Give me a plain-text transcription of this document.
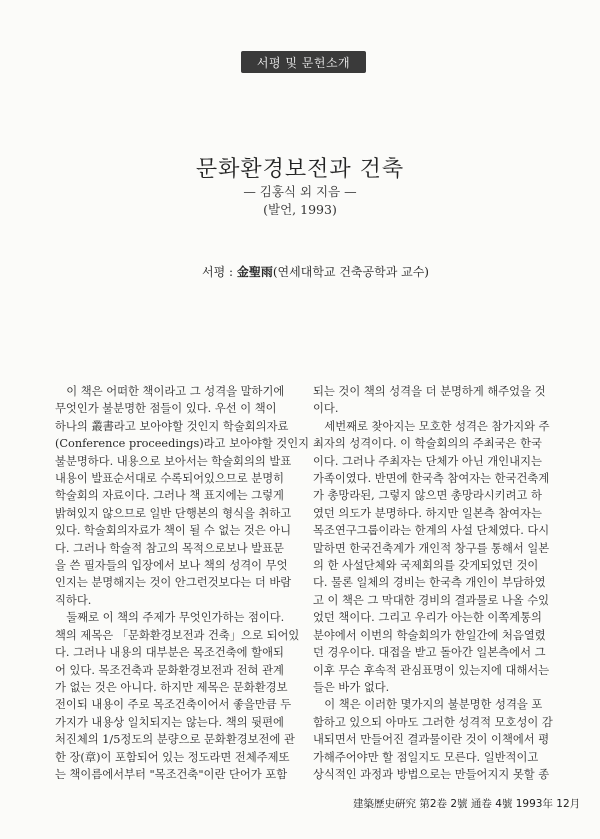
서평 및 문헌소개
문화환경보전과 건축
— 김홍식 외 지음 —
(발언, 1993)
서평 : 金聖雨(연세대학교 건축공학과 교수)
이 책은 어떠한 책이라고 그 성격을 말하기에
무엇인가 불분명한 점들이 있다. 우선 이 책이
하나의 叢書라고 보아야할 것인지 학술회의자료
(Conference proceedings)라고 보아야할 것인지
불분명하다. 내용으로 보아서는 학술회의의 발표
내용이 발표순서대로 수록되어있으므로 분명히
학술회의 자료이다. 그러나 책 표지에는 그렇게
밝혀있지 않으므로 일반 단행본의 형식을 취하고
있다. 학술회의자료가 책이 될 수 없는 것은 아니
다. 그러나 학술적 참고의 목적으로보나 발표문
을 쓴 필자들의 입장에서 보나 책의 성격이 무엇
인지는 분명해지는 것이 안그런것보다는 더 바람
직하다.
둘째로 이 책의 주제가 무엇인가하는 점이다.
책의 제목은 「문화환경보전과 건축」으로 되어있
다. 그러나 내용의 대부분은 목조건축에 할애되
어 있다. 목조건축과 문화환경보전과 전혀 관계
가 없는 것은 아니다. 하지만 제목은 문화환경보
전이되 내용이 주로 목조건축이어서 좋을만큼 두
가지가 내용상 일치되지는 않는다. 책의 뒷편에
처진체의 1/5정도의 분량으로 문화환경보전에 관
한 장(章)이 포함되어 있는 정도라면 전체주제또
는 책이름에서부터 "목조건축"이란 단어가 포함
되는 것이 책의 성격을 더 분명하게 해주었을 것
이다.
세번째로 찾아지는 모호한 성격은 참가지와 주
최자의 성격이다. 이 학술회의의 주최국은 한국
이다. 그러나 주최자는 단체가 아닌 개인내지는
가족이였다. 반면에 한국측 참여자는 한국건축계
가 총망라된, 그렇지 않으면 총망라시키려고 하
였던 의도가 분명하다. 하지만 일본측 참여자는
목조연구그룹이라는 한계의 사설 단체였다. 다시
말하면 한국건축계가 개인적 창구를 통해서 일본
의 한 사설단체와 국제회의를 갖게되었던 것이
다. 물론 일체의 경비는 한국측 개인이 부담하였
고 이 책은 그 막대한 경비의 결과물로 나올 수있
었던 책이다. 그리고 우리가 아는한 이쪽계통의
분야에서 이번의 학술회의가 한일간에 처음열렸
던 경우이다. 대접을 받고 돌아간 일본측에서 그
이후 무슨 후속적 관심표명이 있는지에 대해서는
들은 바가 없다.
이 책은 이러한 몇가지의 불분명한 성격을 포
함하고 있으되 아마도 그러한 성격적 모호성이 감
내되면서 만들어진 결과물이란 것이 이책에서 평
가해주어야만 할 점일지도 모른다. 일반적이고
상식적인 과정과 방법으로는 만들어지지 못할 종
建築歷史硏究 第2卷 2號 通卷 4號 1993年 12月
